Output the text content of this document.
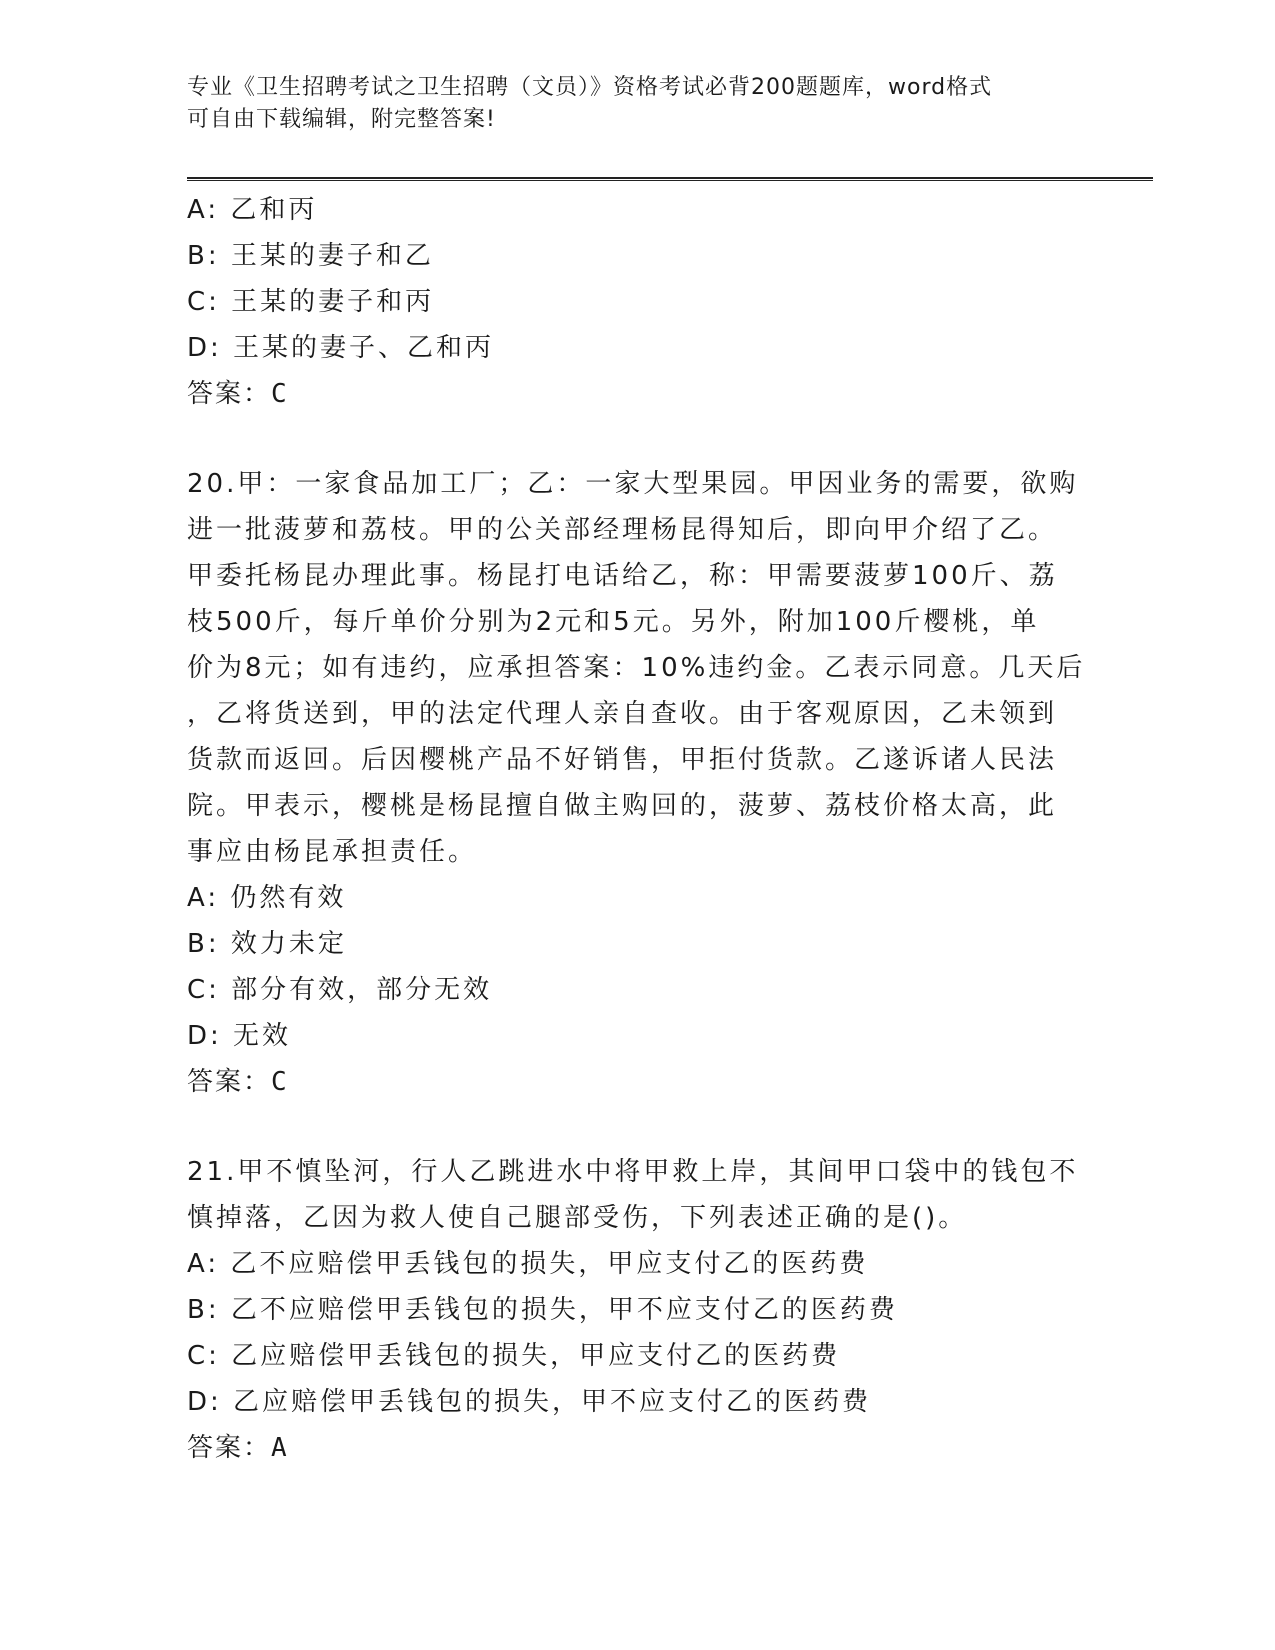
专业《卫生招聘考试之卫生招聘（文员）》资格考试必背200题题库，word格式
可自由下载编辑，附完整答案!
A: 乙和丙
B: 王某的妻子和乙
C: 王某的妻子和丙
D: 王某的妻子、乙和丙
答案：C
20.甲：一家食品加工厂；乙：一家大型果园。甲因业务的需要，欲购
进一批菠萝和荔枝。甲的公关部经理杨昆得知后，即向甲介绍了乙。
甲委托杨昆办理此事。杨昆打电话给乙，称：甲需要菠萝100斤、荔
枝500斤，每斤单价分别为2元和5元。另外，附加100斤樱桃，单
价为8元；如有违约，应承担答案：10%违约金。乙表示同意。几天后
，乙将货送到，甲的法定代理人亲自查收。由于客观原因，乙未领到
货款而返回。后因樱桃产品不好销售，甲拒付货款。乙遂诉诸人民法
院。甲表示，樱桃是杨昆擅自做主购回的，菠萝、荔枝价格太高，此
事应由杨昆承担责任。
A: 仍然有效
B: 效力未定
C: 部分有效，部分无效
D: 无效
答案：C
21.甲不慎坠河，行人乙跳进水中将甲救上岸，其间甲口袋中的钱包不
慎掉落，乙因为救人使自己腿部受伤，下列表述正确的是()。
A: 乙不应赔偿甲丢钱包的损失，甲应支付乙的医药费
B: 乙不应赔偿甲丢钱包的损失，甲不应支付乙的医药费
C: 乙应赔偿甲丢钱包的损失，甲应支付乙的医药费
D: 乙应赔偿甲丢钱包的损失，甲不应支付乙的医药费
答案：A
